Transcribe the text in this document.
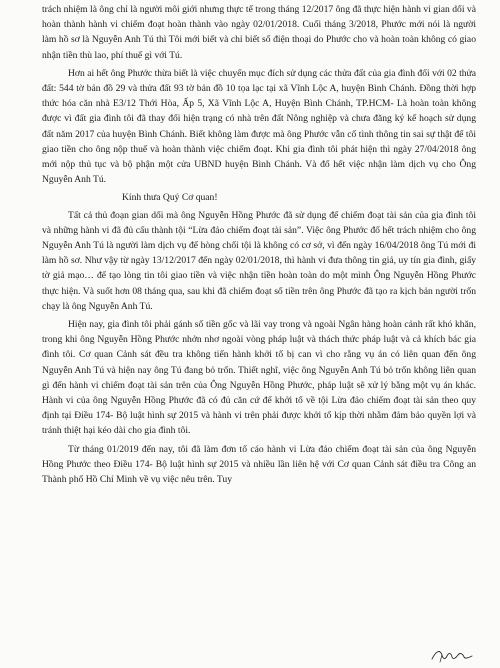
trách nhiệm là ông chỉ là người môi giới nhưng thực tế trong tháng 12/2017 ông đã thực hiện hành vi gian dối và hoàn thành hành vi chiếm đoạt hoàn thành vào ngày 02/01/2018. Cuối tháng 3/2018, Phước mới nói là người làm hồ sơ là Nguyễn Anh Tú thì Tôi mới biết và chỉ biết số điện thoại do Phước cho và hoàn toàn không có giao nhận tiền thù lao, phí thuế gì với Tú.

Hơn ai hết ông Phước thừa biết là việc chuyển mục đích sử dụng các thửa đất của gia đình đối với 02 thửa đất: 544 tờ bản đồ 29 và thửa đất 93 tờ bản đồ 10 tọa lạc tại xã Vĩnh Lộc A, huyện Bình Chánh. Đồng thời hợp thức hóa căn nhà E3/12 Thới Hòa, Ấp 5, Xã Vĩnh Lộc A, Huyện Bình Chánh, TP.HCM- Là hoàn toàn không được vì đất gia đình tôi đã thay đổi hiện trạng có nhà trên đất Nông nghiệp và chưa đăng ký kế hoạch sử dụng đất năm 2017 của huyện Bình Chánh. Biết không làm được mà ông Phước vẫn cố tình thông tin sai sự thật để tôi giao tiền cho ông nộp thuế và hoàn thành việc chiếm đoạt. Khi gia đình tôi phát hiện thì ngày 27/04/2018 ông mới nộp thủ tục và bộ phận một cửa UBND huyện Bình Chánh. Và đổ hết việc nhận làm dịch vụ cho Ông Nguyễn Anh Tú.

Kính thưa Quý Cơ quan!

Tất cả thủ đoạn gian dối mà ông Nguyễn Hồng Phước đã sử dụng để chiếm đoạt tài sản của gia đình tôi và những hành vi đã đủ cấu thành tội “Lừa đảo chiếm đoạt tài sản”. Việc ông Phước đổ hết trách nhiệm cho ông Nguyễn Anh Tú là người làm dịch vụ để hòng chối tội là không có cơ sở, vì đến ngày 16/04/2018 ông Tú mới đi làm hồ sơ. Như vậy từ ngày 13/12/2017 đến ngày 02/01/2018, thì hành vi đưa thông tin giả, uy tín gia đình, giấy tờ giả mạo… để tạo lòng tin tôi giao tiền và việc nhận tiền hoàn toàn do một mình Ông Nguyễn Hồng Phước thực hiện. Và suốt hơn 08 tháng qua, sau khi đã chiếm đoạt số tiền trên ông Phước đã tạo ra kịch bản người trốn chạy là ông Nguyễn Anh Tú.

Hiện nay, gia đình tôi phải gánh số tiền gốc và lãi vay trong và ngoài Ngân hàng hoàn cảnh rất khó khăn, trong khi ông Nguyễn Hồng Phước nhởn nhơ ngoài vòng pháp luật và thách thức pháp luật và cả khích bác gia đình tôi. Cơ quan Cảnh sát đều tra không tiến hành khởi tố bị can vì cho rằng vụ án có liên quan đến ông Nguyễn Anh Tú và hiện nay ông Tú đang bỏ trốn. Thiết nghĩ, việc ông Nguyễn Anh Tú bỏ trốn không liên quan gì đến hành vi chiếm đoạt tài sản trên của Ông Nguyễn Hồng Phước, pháp luật sẽ xử lý bằng một vụ án khác. Hành vi của ông Nguyễn Hồng Phước đã có đủ căn cứ để khởi tố về tội Lừa đảo chiếm đoạt tài sản theo quy định tại Điều 174- Bộ luật hình sự 2015 và hành vi trên phải được khởi tố kịp thời nhằm đảm bảo quyền lợi và tránh thiệt hại kéo dài cho gia đình tôi.

Từ tháng 01/2019 đến nay, tôi đã làm đơn tố cáo hành vi Lừa đảo chiếm đoạt tài sản của ông Nguyễn Hồng Phước theo Điều 174- Bộ luật hình sự 2015 và nhiều lần liên hệ với Cơ quan Cảnh sát điều tra Công an Thành phố Hồ Chí Minh về vụ việc nêu trên. Tuy
